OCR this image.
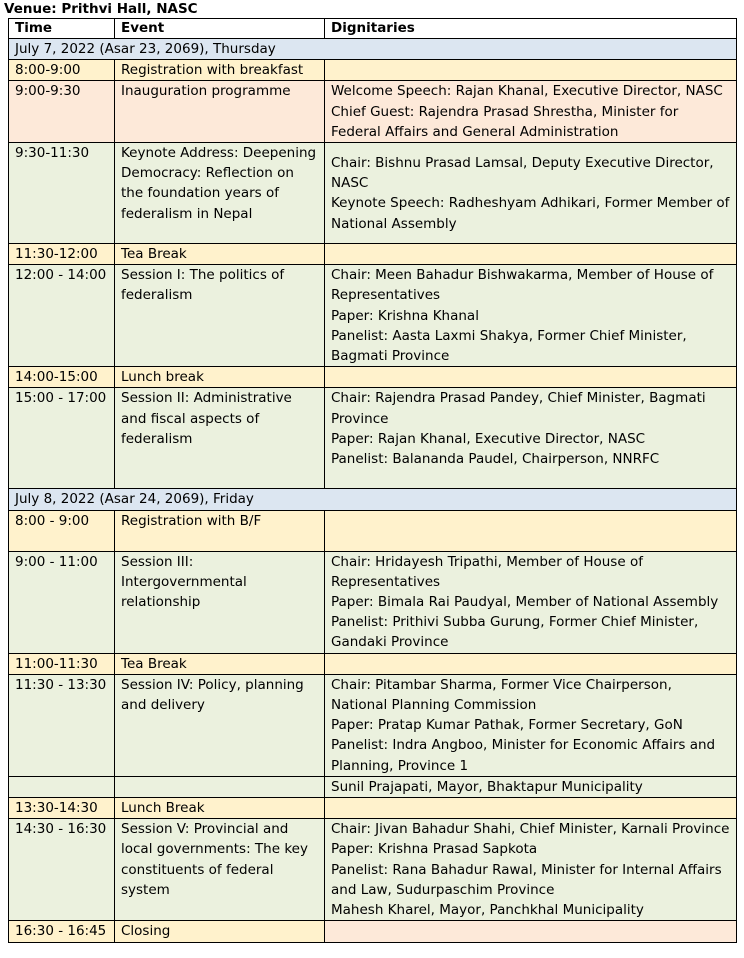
Venue: Prithvi Hall, NASC
Time	Event	Dignitaries
July 7, 2022 (Asar 23, 2069), Thursday		
8:00-9:00	Registration with breakfast	
9:00-9:30	Inauguration programme	Welcome Speech: Rajan Khanal, Executive Director, NASC
Chief Guest: Rajendra Prasad Shrestha, Minister for Federal Affairs and General Administration

9:30-11:30	Keynote Address: Deepening Democracy: Reflection on the foundation years of federalism in Nepal	Chair: Bishnu Prasad Lamsal, Deputy Executive Director, NASC
Keynote Speech: Radheshyam Adhikari, Former Member of National Assembly

11:30-12:00	Tea Break	
12:00 - 14:00	Session I: The politics of federalism	Chair: Meen Bahadur Bishwakarma, Member of House of Representatives
Paper: Krishna Khanal
Panelist: Aasta Laxmi Shakya, Former Chief Minister, Bagmati Province

14:00-15:00	Lunch break	
15:00 - 17:00	Session II: Administrative and fiscal aspects of federalism	Chair: Rajendra Prasad Pandey, Chief Minister, Bagmati Province
Paper: Rajan Khanal, Executive Director, NASC
Panelist: Balananda Paudel, Chairperson, NNRFC

July 8, 2022 (Asar 24, 2069), Friday		
8:00 - 9:00	Registration with B/F	
9:00 - 11:00	Session III: Intergovernmental relationship	Chair: Hridayesh Tripathi, Member of House of Representatives
Paper: Bimala Rai Paudyal, Member of National Assembly
Panelist: Prithivi Subba Gurung, Former Chief Minister, Gandaki Province

11:00-11:30	Tea Break	
11:30 - 13:30	Session IV: Policy, planning and delivery	Chair: Pitambar Sharma, Former Vice Chairperson, National Planning Commission
Paper: Pratap Kumar Pathak, Former Secretary, GoN
Panelist: Indra Angboo, Minister for Economic Affairs and Planning, Province 1

		Sunil Prajapati, Mayor, Bhaktapur Municipality

13:30-14:30	Lunch Break	
14:30 - 16:30	Session V: Provincial and local governments: The key constituents of federal system	Chair: Jivan Bahadur Shahi, Chief Minister, Karnali Province
Paper: Krishna Prasad Sapkota
Panelist: Rana Bahadur Rawal, Minister for Internal Affairs and Law, Sudurpaschim Province
Mahesh Kharel, Mayor, Panchkhal Municipality

16:30 - 16:45	Closing	
